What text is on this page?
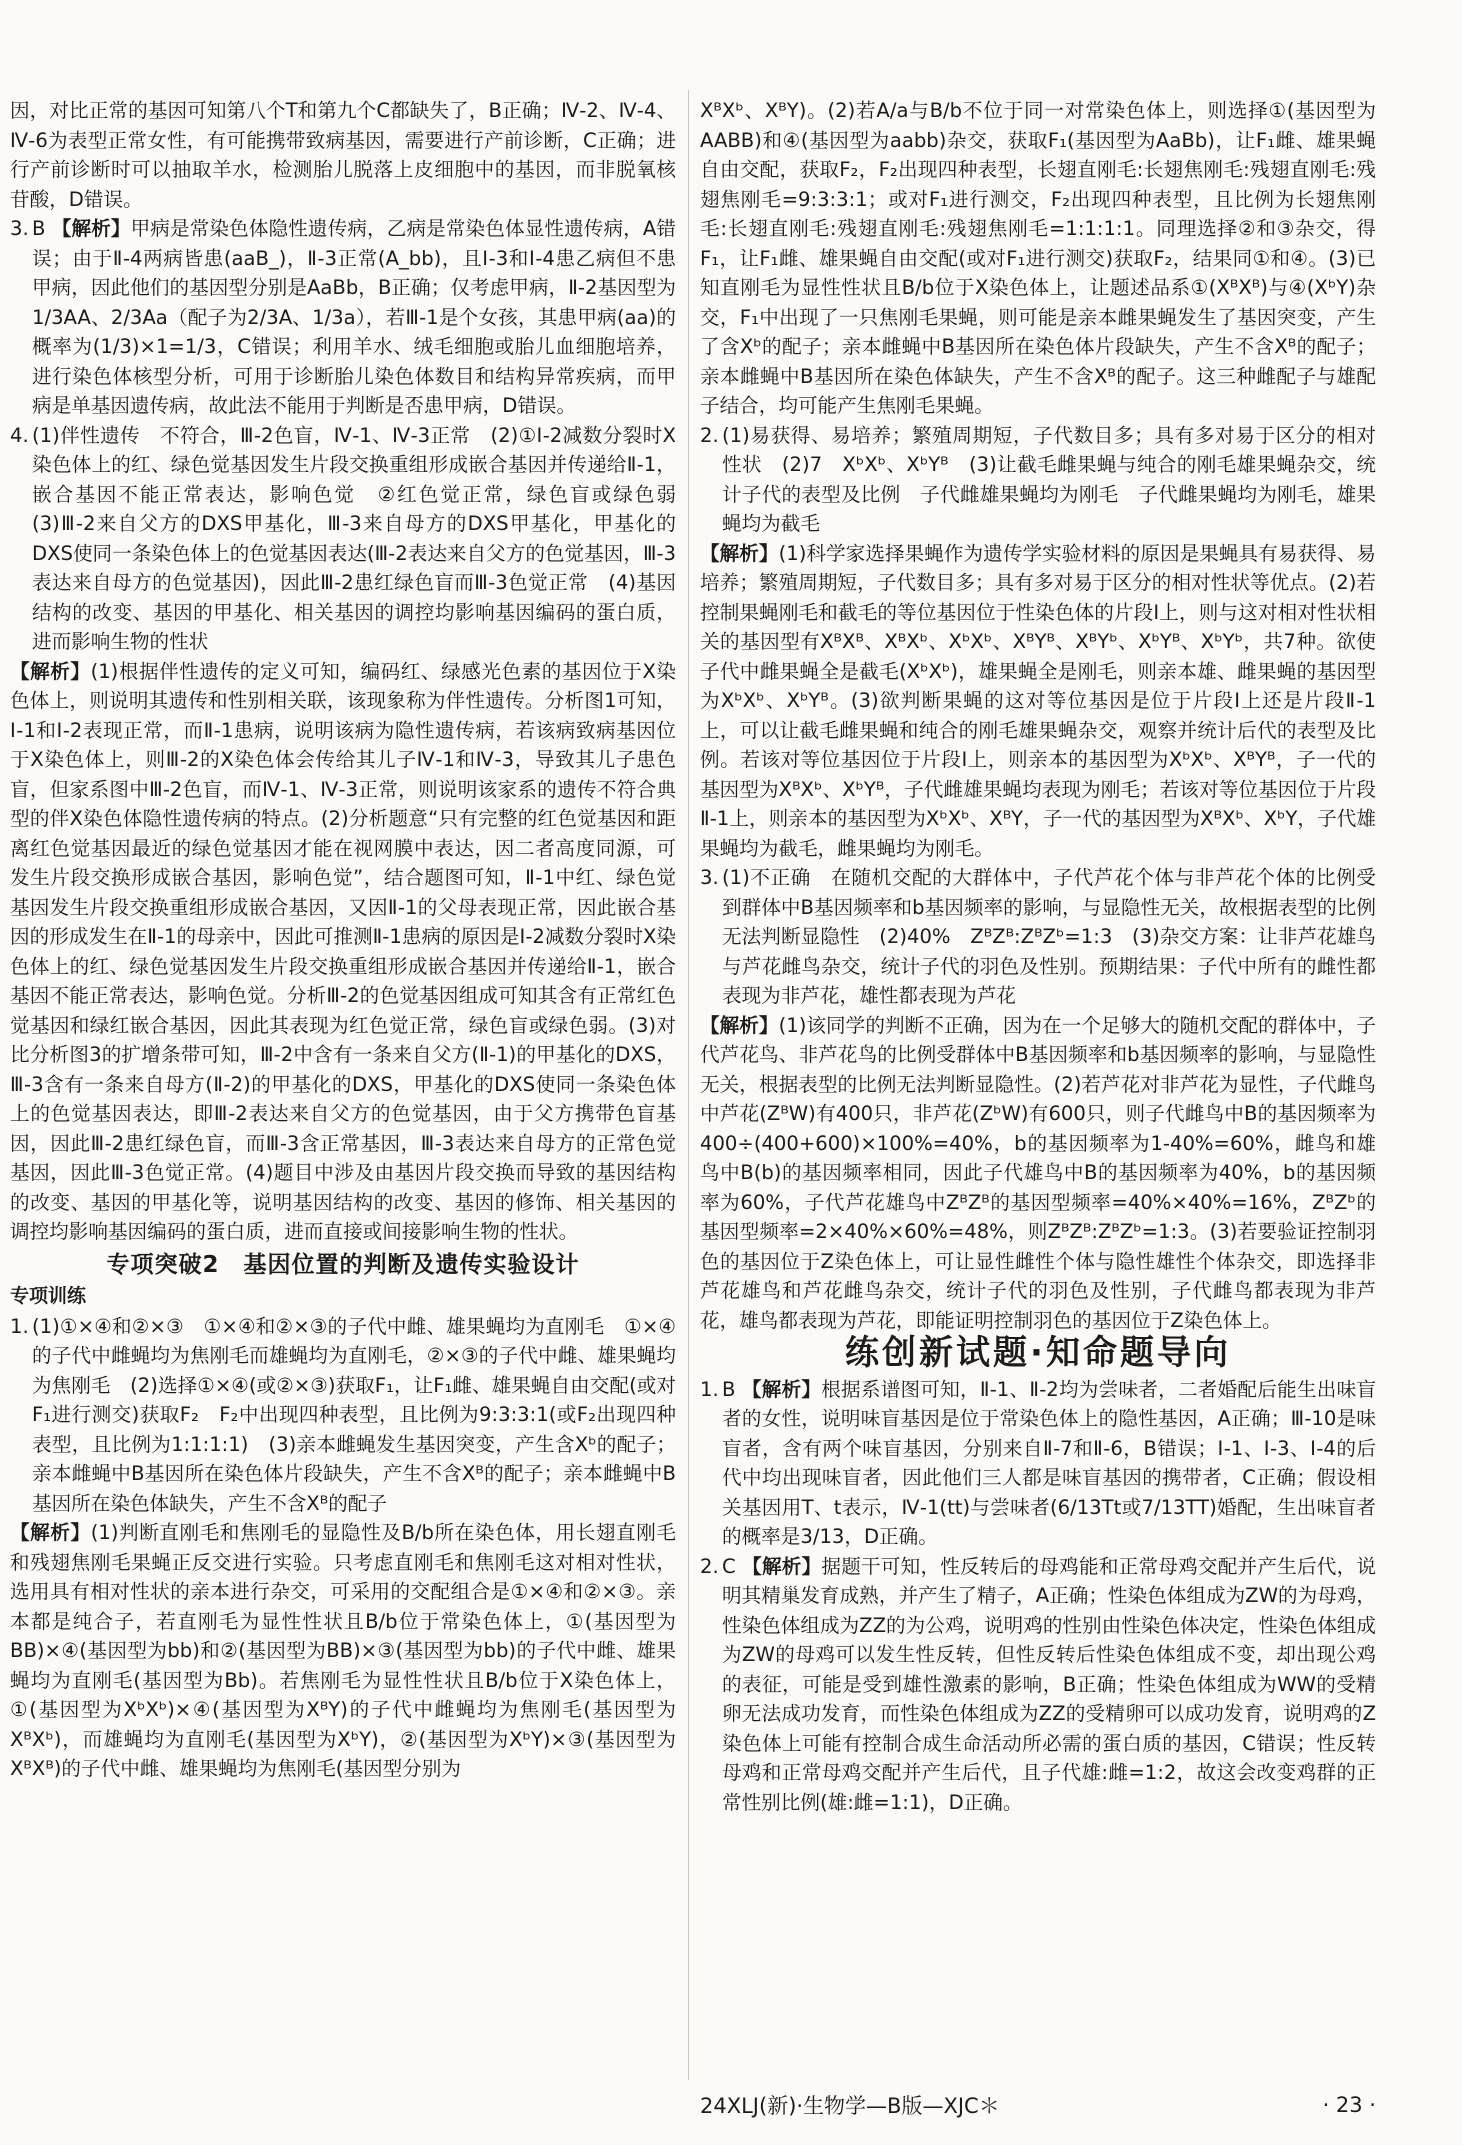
因，对比正常的基因可知第八个T和第九个C都缺失了，B正确；Ⅳ-2、Ⅳ-4、Ⅳ-6为表型正常女性，有可能携带致病基因，需要进行产前诊断，C正确；进行产前诊断时可以抽取羊水，检测胎儿脱落上皮细胞中的基因，而非脱氧核苷酸，D错误。

3. B 【解析】甲病是常染色体隐性遗传病，乙病是常染色体显性遗传病，A错误；由于Ⅱ-4两病皆患(aaB_)，Ⅱ-3正常(A_bb)，且Ⅰ-3和Ⅰ-4患乙病但不患甲病，因此他们的基因型分别是AaBb，B正确；仅考虑甲病，Ⅱ-2基因型为1/3AA、2/3Aa（配子为2/3A、1/3a），若Ⅲ-1是个女孩，其患甲病(aa)的概率为(1/3)×1=1/3，C错误；利用羊水、绒毛细胞或胎儿血细胞培养，进行染色体核型分析，可用于诊断胎儿染色体数目和结构异常疾病，而甲病是单基因遗传病，故此法不能用于判断是否患甲病，D错误。

4. (1)伴性遗传　不符合，Ⅲ-2色盲，Ⅳ-1、Ⅳ-3正常　(2)①Ⅰ-2减数分裂时X染色体上的红、绿色觉基因发生片段交换重组形成嵌合基因并传递给Ⅱ-1，嵌合基因不能正常表达，影响色觉　②红色觉正常，绿色盲或绿色弱　(3)Ⅲ-2来自父方的DXS甲基化，Ⅲ-3来自母方的DXS甲基化，甲基化的DXS使同一条染色体上的色觉基因表达(Ⅲ-2表达来自父方的色觉基因，Ⅲ-3表达来自母方的色觉基因)，因此Ⅲ-2患红绿色盲而Ⅲ-3色觉正常　(4)基因结构的改变、基因的甲基化、相关基因的调控均影响基因编码的蛋白质，进而影响生物的性状

【解析】(1)根据伴性遗传的定义可知，编码红、绿感光色素的基因位于X染色体上，则说明其遗传和性别相关联，该现象称为伴性遗传。分析图1可知，Ⅰ-1和Ⅰ-2表现正常，而Ⅱ-1患病，说明该病为隐性遗传病，若该病致病基因位于X染色体上，则Ⅲ-2的X染色体会传给其儿子Ⅳ-1和Ⅳ-3，导致其儿子患色盲，但家系图中Ⅲ-2色盲，而Ⅳ-1、Ⅳ-3正常，则说明该家系的遗传不符合典型的伴X染色体隐性遗传病的特点。(2)分析题意“只有完整的红色觉基因和距离红色觉基因最近的绿色觉基因才能在视网膜中表达，因二者高度同源，可发生片段交换形成嵌合基因，影响色觉”，结合题图可知，Ⅱ-1中红、绿色觉基因发生片段交换重组形成嵌合基因，又因Ⅱ-1的父母表现正常，因此嵌合基因的形成发生在Ⅱ-1的母亲中，因此可推测Ⅱ-1患病的原因是Ⅰ-2减数分裂时X染色体上的红、绿色觉基因发生片段交换重组形成嵌合基因并传递给Ⅱ-1，嵌合基因不能正常表达，影响色觉。分析Ⅲ-2的色觉基因组成可知其含有正常红色觉基因和绿红嵌合基因，因此其表现为红色觉正常，绿色盲或绿色弱。(3)对比分析图3的扩增条带可知，Ⅲ-2中含有一条来自父方(Ⅱ-1)的甲基化的DXS，Ⅲ-3含有一条来自母方(Ⅱ-2)的甲基化的DXS，甲基化的DXS使同一条染色体上的色觉基因表达，即Ⅲ-2表达来自父方的色觉基因，由于父方携带色盲基因，因此Ⅲ-2患红绿色盲，而Ⅲ-3含正常基因，Ⅲ-3表达来自母方的正常色觉基因，因此Ⅲ-3色觉正常。(4)题目中涉及由基因片段交换而导致的基因结构的改变、基因的甲基化等，说明基因结构的改变、基因的修饰、相关基因的调控均影响基因编码的蛋白质，进而直接或间接影响生物的性状。

专项突破2　基因位置的判断及遗传实验设计
专项训练

1. (1)①×④和②×③　①×④和②×③的子代中雌、雄果蝇均为直刚毛　①×④的子代中雌蝇均为焦刚毛而雄蝇均为直刚毛，②×③的子代中雌、雄果蝇均为焦刚毛　(2)选择①×④(或②×③)获取F₁，让F₁雌、雄果蝇自由交配(或对F₁进行测交)获取F₂　F₂中出现四种表型，且比例为9:3:3:1(或F₂出现四种表型，且比例为1:1:1:1)　(3)亲本雌蝇发生基因突变，产生含Xᵇ的配子；亲本雌蝇中B基因所在染色体片段缺失，产生不含Xᴮ的配子；亲本雌蝇中B基因所在染色体缺失，产生不含Xᴮ的配子

【解析】(1)判断直刚毛和焦刚毛的显隐性及B/b所在染色体，用长翅直刚毛和残翅焦刚毛果蝇正反交进行实验。只考虑直刚毛和焦刚毛这对相对性状，选用具有相对性状的亲本进行杂交，可采用的交配组合是①×④和②×③。亲本都是纯合子，若直刚毛为显性性状且B/b位于常染色体上，①(基因型为BB)×④(基因型为bb)和②(基因型为BB)×③(基因型为bb)的子代中雌、雄果蝇均为直刚毛(基因型为Bb)。若焦刚毛为显性性状且B/b位于X染色体上，①(基因型为XᵇXᵇ)×④(基因型为XᴮY)的子代中雌蝇均为焦刚毛(基因型为XᴮXᵇ)，而雄蝇均为直刚毛(基因型为XᵇY)，②(基因型为XᵇY)×③(基因型为XᴮXᴮ)的子代中雌、雄果蝇均为焦刚毛(基因型分别为

XᴮXᵇ、XᴮY)。(2)若A/a与B/b不位于同一对常染色体上，则选择①(基因型为AABB)和④(基因型为aabb)杂交，获取F₁(基因型为AaBb)，让F₁雌、雄果蝇自由交配，获取F₂，F₂出现四种表型，长翅直刚毛:长翅焦刚毛:残翅直刚毛:残翅焦刚毛=9:3:3:1；或对F₁进行测交，F₂出现四种表型，且比例为长翅焦刚毛:长翅直刚毛:残翅直刚毛:残翅焦刚毛=1:1:1:1。同理选择②和③杂交，得F₁，让F₁雌、雄果蝇自由交配(或对F₁进行测交)获取F₂，结果同①和④。(3)已知直刚毛为显性性状且B/b位于X染色体上，让题述品系①(XᴮXᴮ)与④(XᵇY)杂交，F₁中出现了一只焦刚毛果蝇，则可能是亲本雌果蝇发生了基因突变，产生了含Xᵇ的配子；亲本雌蝇中B基因所在染色体片段缺失，产生不含Xᴮ的配子；亲本雌蝇中B基因所在染色体缺失，产生不含Xᴮ的配子。这三种雌配子与雄配子结合，均可能产生焦刚毛果蝇。

2. (1)易获得、易培养；繁殖周期短，子代数目多；具有多对易于区分的相对性状　(2)7　XᵇXᵇ、XᵇYᴮ　(3)让截毛雌果蝇与纯合的刚毛雄果蝇杂交，统计子代的表型及比例　子代雌雄果蝇均为刚毛　子代雌果蝇均为刚毛，雄果蝇均为截毛

【解析】(1)科学家选择果蝇作为遗传学实验材料的原因是果蝇具有易获得、易培养；繁殖周期短，子代数目多；具有多对易于区分的相对性状等优点。(2)若控制果蝇刚毛和截毛的等位基因位于性染色体的片段Ⅰ上，则与这对相对性状相关的基因型有XᴮXᴮ、XᴮXᵇ、XᵇXᵇ、XᴮYᴮ、XᴮYᵇ、XᵇYᴮ、XᵇYᵇ，共7种。欲使子代中雌果蝇全是截毛(XᵇXᵇ)，雄果蝇全是刚毛，则亲本雄、雌果蝇的基因型为XᵇXᵇ、XᵇYᴮ。(3)欲判断果蝇的这对等位基因是位于片段Ⅰ上还是片段Ⅱ-1上，可以让截毛雌果蝇和纯合的刚毛雄果蝇杂交，观察并统计后代的表型及比例。若该对等位基因位于片段Ⅰ上，则亲本的基因型为XᵇXᵇ、XᴮYᴮ，子一代的基因型为XᴮXᵇ、XᵇYᴮ，子代雌雄果蝇均表现为刚毛；若该对等位基因位于片段Ⅱ-1上，则亲本的基因型为XᵇXᵇ、XᴮY，子一代的基因型为XᴮXᵇ、XᵇY，子代雄果蝇均为截毛，雌果蝇均为刚毛。

3. (1)不正确　在随机交配的大群体中，子代芦花个体与非芦花个体的比例受到群体中B基因频率和b基因频率的影响，与显隐性无关，故根据表型的比例无法判断显隐性　(2)40%　ZᴮZᴮ:ZᴮZᵇ=1:3　(3)杂交方案：让非芦花雄鸟与芦花雌鸟杂交，统计子代的羽色及性别。预期结果：子代中所有的雌性都表现为非芦花，雄性都表现为芦花

【解析】(1)该同学的判断不正确，因为在一个足够大的随机交配的群体中，子代芦花鸟、非芦花鸟的比例受群体中B基因频率和b基因频率的影响，与显隐性无关，根据表型的比例无法判断显隐性。(2)若芦花对非芦花为显性，子代雌鸟中芦花(ZᴮW)有400只，非芦花(ZᵇW)有600只，则子代雌鸟中B的基因频率为400÷(400+600)×100%=40%，b的基因频率为1-40%=60%，雌鸟和雄鸟中B(b)的基因频率相同，因此子代雄鸟中B的基因频率为40%，b的基因频率为60%，子代芦花雄鸟中ZᴮZᴮ的基因型频率=40%×40%=16%，ZᴮZᵇ的基因型频率=2×40%×60%=48%，则ZᴮZᴮ:ZᴮZᵇ=1:3。(3)若要验证控制羽色的基因位于Z染色体上，可让显性雌性个体与隐性雄性个体杂交，即选择非芦花雄鸟和芦花雌鸟杂交，统计子代的羽色及性别，子代雌鸟都表现为非芦花，雄鸟都表现为芦花，即能证明控制羽色的基因位于Z染色体上。

练创新试题·知命题导向

1. B 【解析】根据系谱图可知，Ⅱ-1、Ⅱ-2均为尝味者，二者婚配后能生出味盲者的女性，说明味盲基因是位于常染色体上的隐性基因，A正确；Ⅲ-10是味盲者，含有两个味盲基因，分别来自Ⅱ-7和Ⅱ-6，B错误；Ⅰ-1、Ⅰ-3、Ⅰ-4的后代中均出现味盲者，因此他们三人都是味盲基因的携带者，C正确；假设相关基因用T、t表示，Ⅳ-1(tt)与尝味者(6/13Tt或7/13TT)婚配，生出味盲者的概率是3/13，D正确。

2. C 【解析】据题干可知，性反转后的母鸡能和正常母鸡交配并产生后代，说明其精巢发育成熟，并产生了精子，A正确；性染色体组成为ZW的为母鸡，性染色体组成为ZZ的为公鸡，说明鸡的性别由性染色体决定，性染色体组成为ZW的母鸡可以发生性反转，但性反转后性染色体组成不变，却出现公鸡的表征，可能是受到雄性激素的影响，B正确；性染色体组成为WW的受精卵无法成功发育，而性染色体组成为ZZ的受精卵可以成功发育，说明鸡的Z染色体上可能有控制合成生命活动所必需的蛋白质的基因，C错误；性反转母鸡和正常母鸡交配并产生后代，且子代雄:雌=1:2，故这会改变鸡群的正常性别比例(雄:雌=1:1)，D正确。

24XLJ(新)·生物学—B版—XJC＊	· 23 ·
